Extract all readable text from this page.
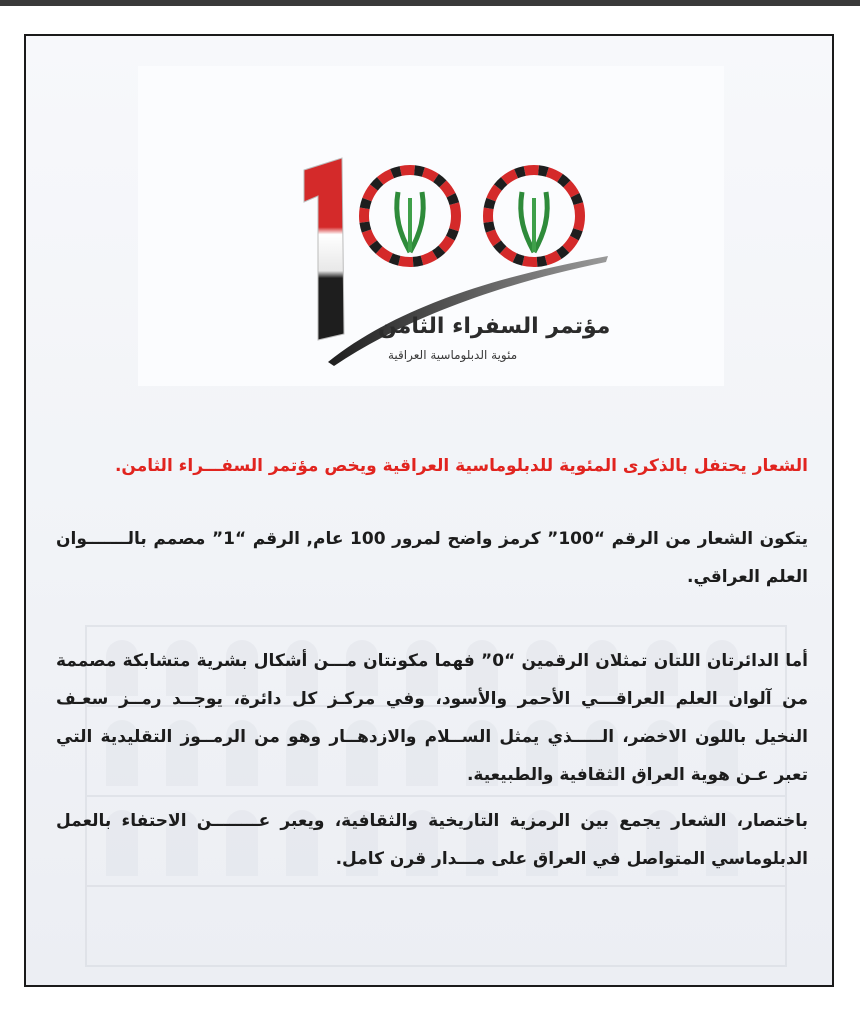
مؤتمر السفراء الثامن
مئوية الدبلوماسية العراقية
الشعار يحتفل بالذكرى المئوية للدبلوماسية العراقية ويخص مؤتمر السفـــراء الثامن.
يتكون الشعار من الرقم “100” كرمز واضح لمرور 100 عام, الرقم “1” مصمم بالـــــــوان العلم العراقي.
أما الدائرتان اللتان تمثلان الرقمين “0” فهما مكونتان مـــن أشكال بشرية متشابكة مصممة من آلوان العلم العراقـــي الأحمر والأسود، وفي مركـز كل دائرة، يوجــد رمــز سعـف النخيل باللون الاخضر، الـــــذي يمثل الســلام والازدهــار وهو من الرمــوز التقليدية التي تعبر عـن هوية العراق الثقافية والطبيعية.
باختصار، الشعار يجمع بين الرمزية التاريخية والثقافية، ويعبر عــــــــن الاحتفاء بالعمل الدبلوماسي المتواصل في العراق على مـــدار قرن كامل.
